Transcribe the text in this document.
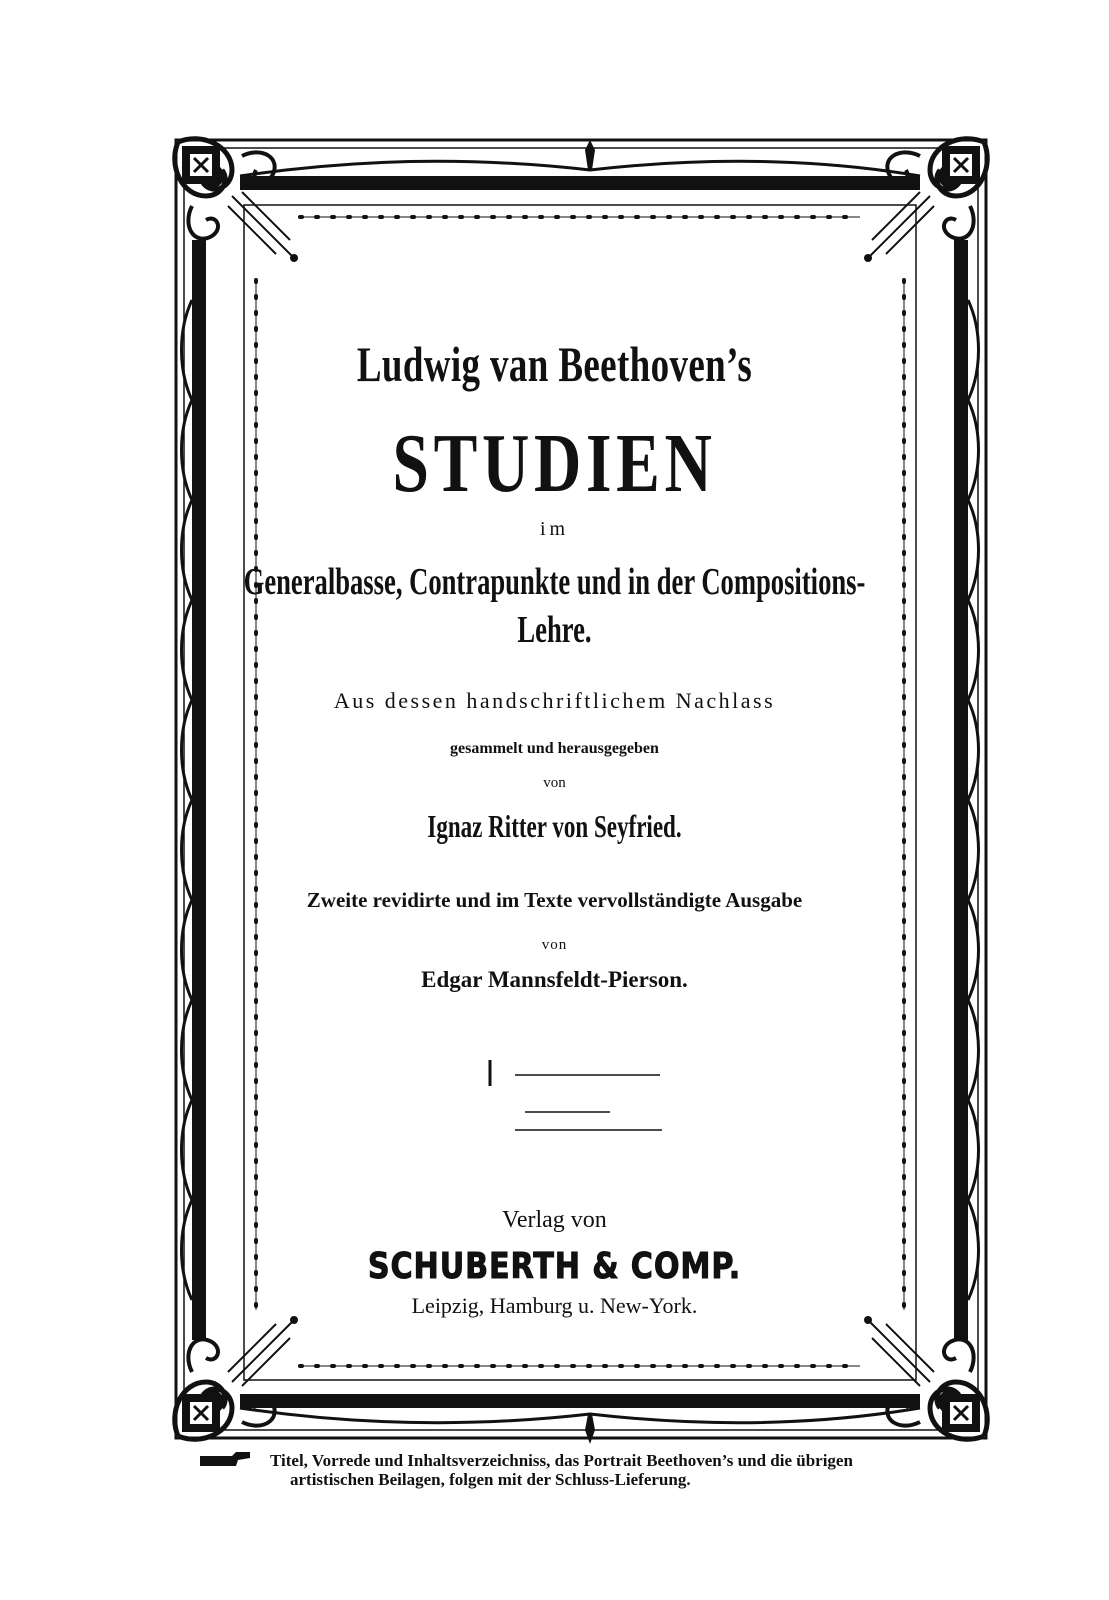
Ludwig van Beethoven’s
STUDIEN
im
Generalbasse, Contrapunkte und in der Compositions-
Lehre.
Aus dessen handschriftlichem Nachlass
gesammelt und herausgegeben
von
Ignaz Ritter von Seyfried.
Zweite revidirte und im Texte vervollständigte Ausgabe
von
Edgar Mannsfeldt-Pierson.
Verlag von
SCHUBERTH & COMP.
Leipzig, Hamburg u. New-York.
Titel, Vorrede und Inhaltsverzeichniss, das Portrait Beethoven’s und die übrigen
artistischen Beilagen, folgen mit der Schluss-Lieferung.
